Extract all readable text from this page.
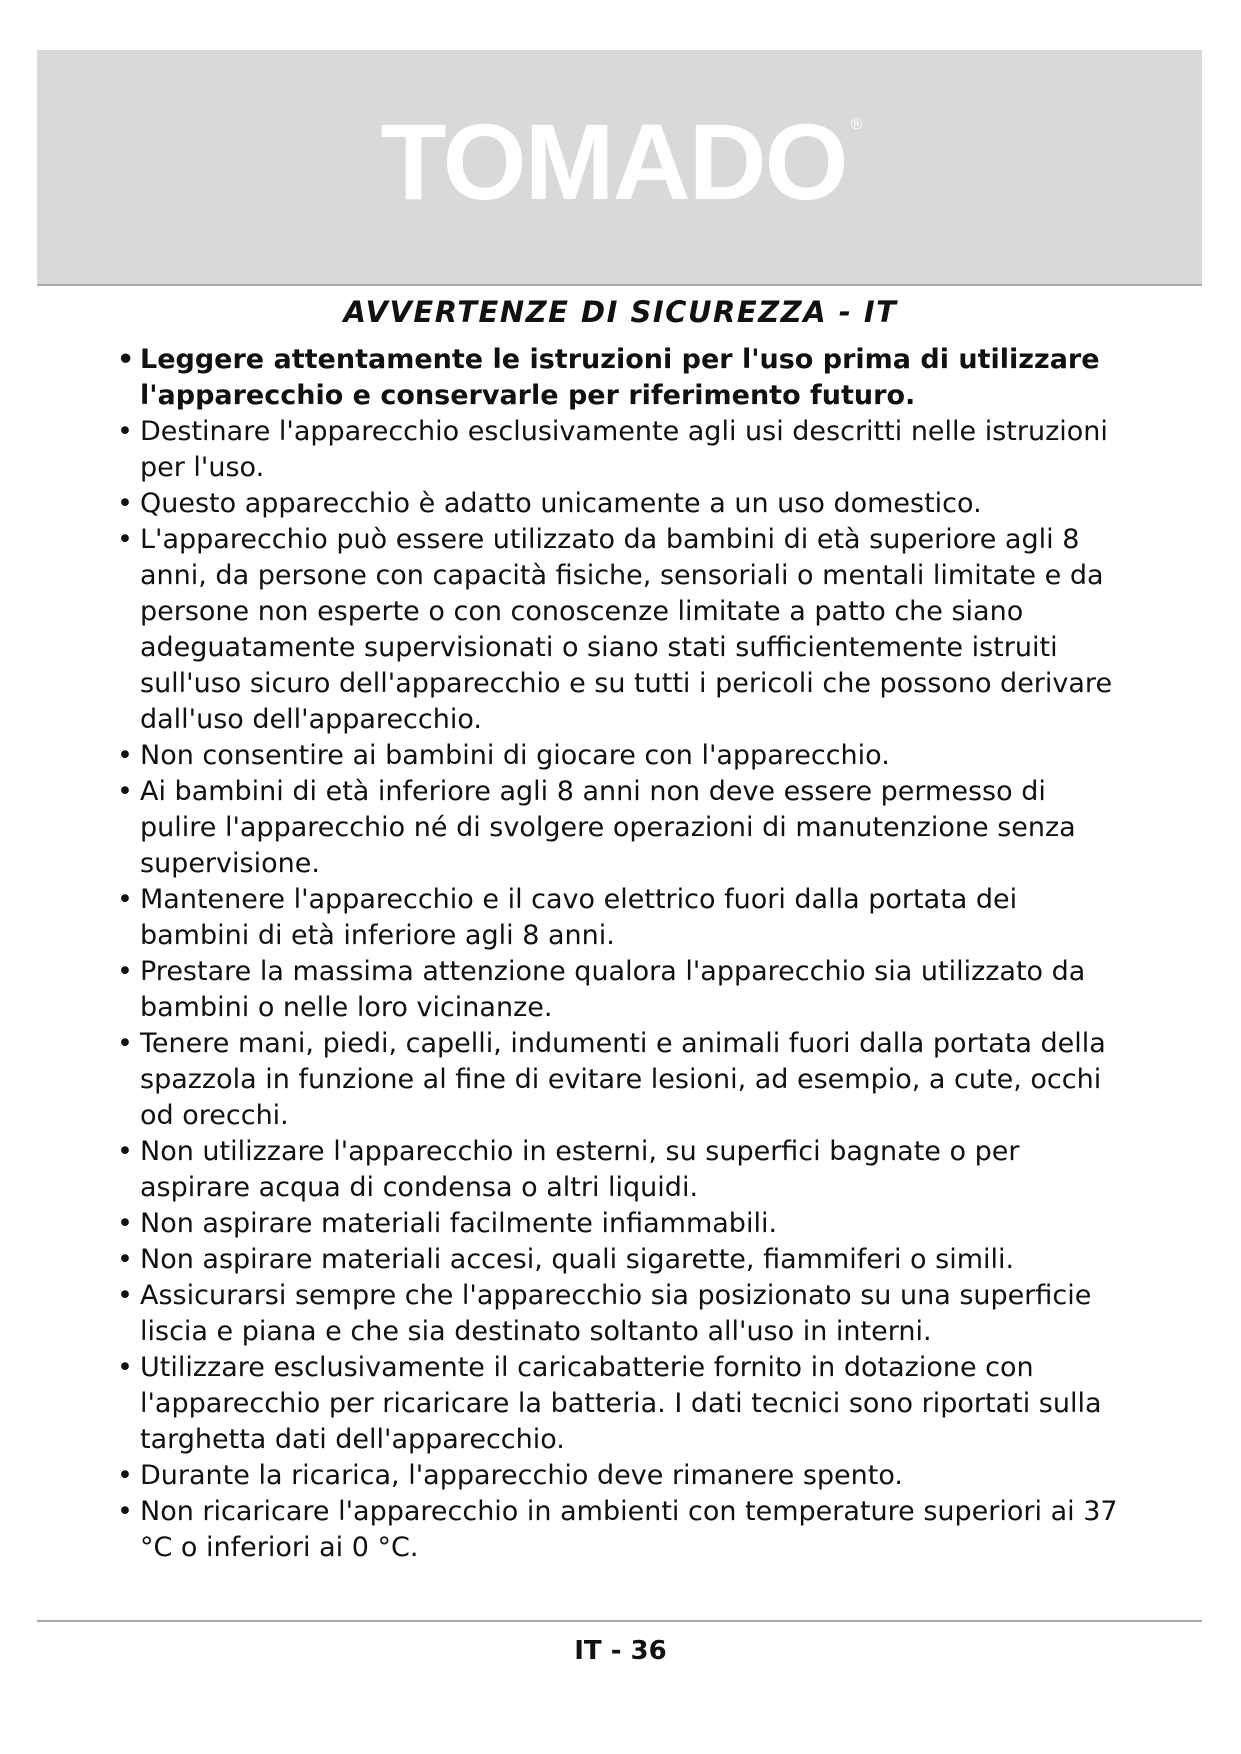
TOMADO ®
AVVERTENZE DI SICUREZZA - IT
• Leggere attentamente le istruzioni per l'uso prima di utilizzare l'apparecchio e conservarle per riferimento futuro.
• Destinare l'apparecchio esclusivamente agli usi descritti nelle istruzioni per l'uso.
• Questo apparecchio è adatto unicamente a un uso domestico.
• L'apparecchio può essere utilizzato da bambini di età superiore agli 8 anni, da persone con capacità fisiche, sensoriali o mentali limitate e da persone non esperte o con conoscenze limitate a patto che siano adeguatamente supervisionati o siano stati sufficientemente istruiti sull'uso sicuro dell'apparecchio e su tutti i pericoli che possono derivare dall'uso dell'apparecchio.
• Non consentire ai bambini di giocare con l'apparecchio.
• Ai bambini di età inferiore agli 8 anni non deve essere permesso di pulire l'apparecchio né di svolgere operazioni di manutenzione senza supervisione.
• Mantenere l'apparecchio e il cavo elettrico fuori dalla portata dei bambini di età inferiore agli 8 anni.
• Prestare la massima attenzione qualora l'apparecchio sia utilizzato da bambini o nelle loro vicinanze.
• Tenere mani, piedi, capelli, indumenti e animali fuori dalla portata della spazzola in funzione al fine di evitare lesioni, ad esempio, a cute, occhi od orecchi.
• Non utilizzare l'apparecchio in esterni, su superfici bagnate o per aspirare acqua di condensa o altri liquidi.
• Non aspirare materiali facilmente infiammabili.
• Non aspirare materiali accesi, quali sigarette, fiammiferi o simili.
• Assicurarsi sempre che l'apparecchio sia posizionato su una superficie liscia e piana e che sia destinato soltanto all'uso in interni.
• Utilizzare esclusivamente il caricabatterie fornito in dotazione con l'apparecchio per ricaricare la batteria. I dati tecnici sono riportati sulla targhetta dati dell'apparecchio.
• Durante la ricarica, l'apparecchio deve rimanere spento.
• Non ricaricare l'apparecchio in ambienti con temperature superiori ai 37 °C o inferiori ai 0 °C.
IT - 36
